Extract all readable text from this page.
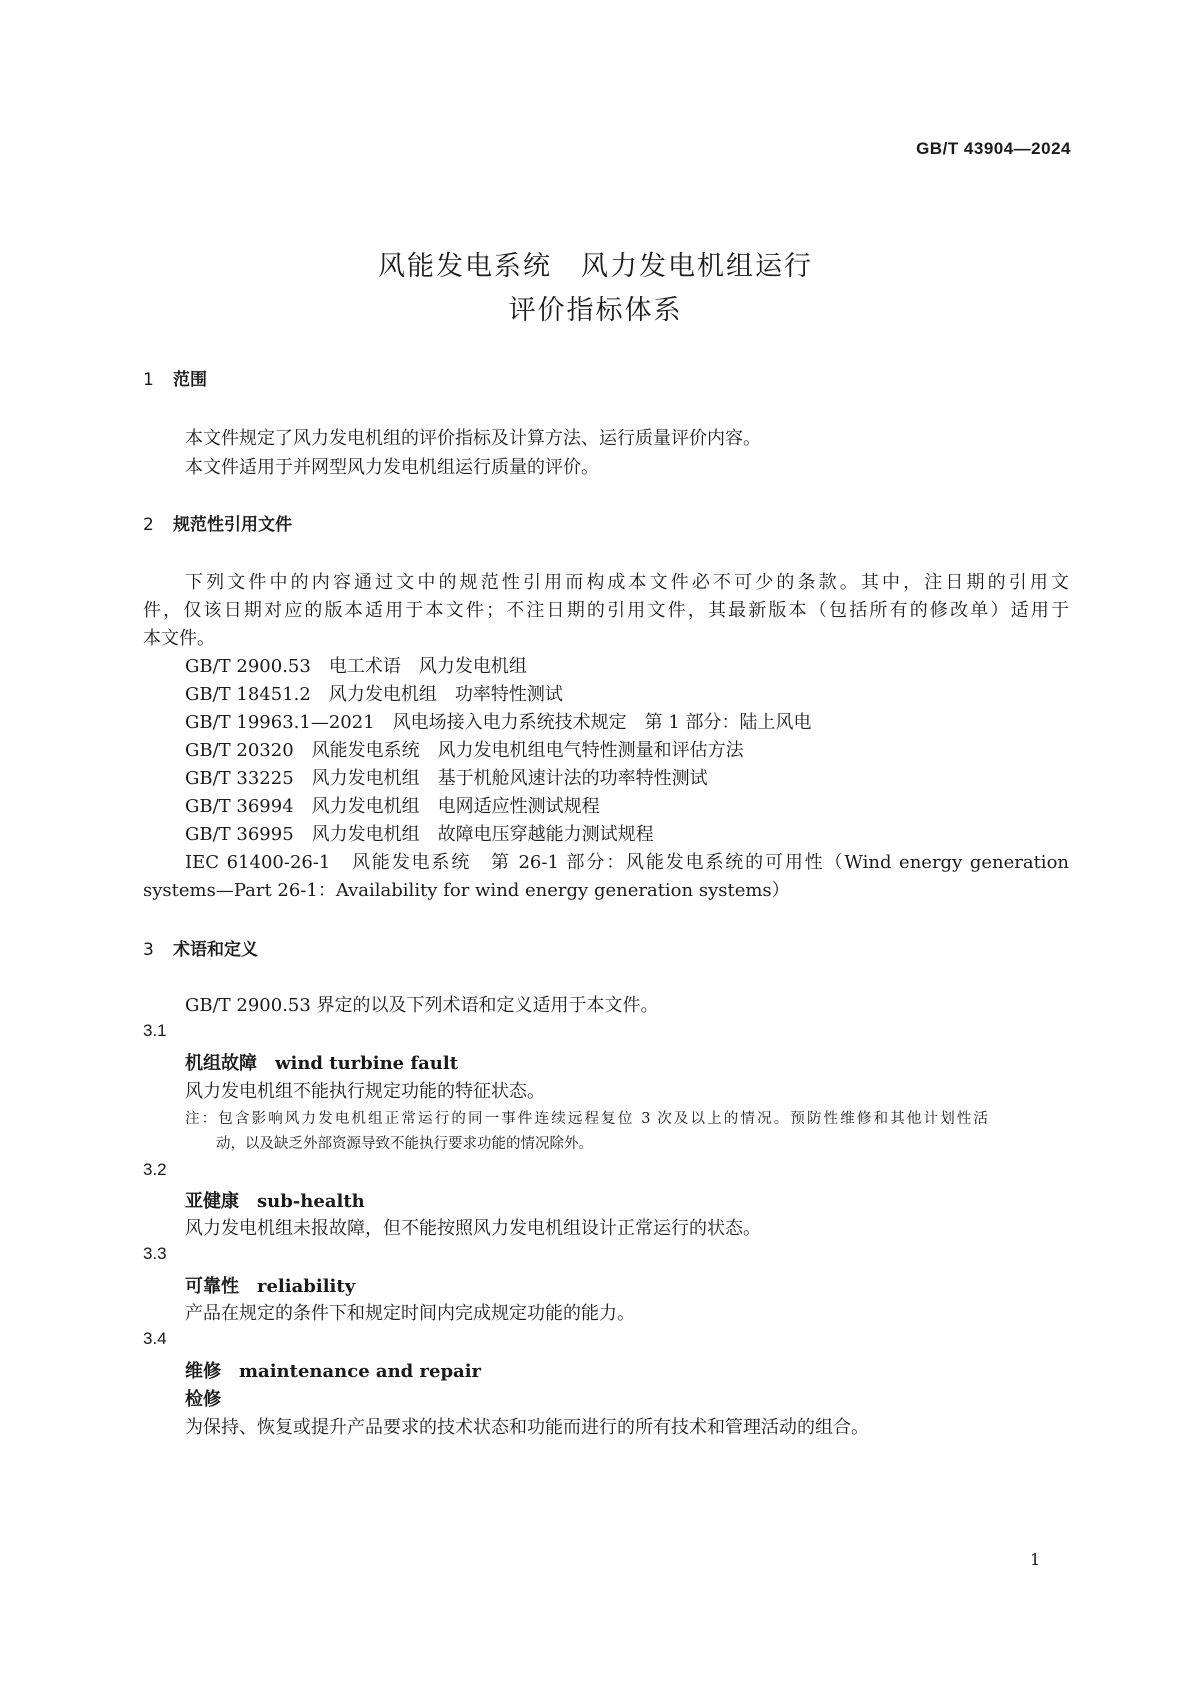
GB/T 43904—2024
风能发电系统　风力发电机组运行
评价指标体系
1 范围
本文件规定了风力发电机组的评价指标及计算方法、运行质量评价内容。
本文件适用于并网型风力发电机组运行质量的评价。
2 规范性引用文件
下列文件中的内容通过文中的规范性引用而构成本文件必不可少的条款。其中，注日期的引用文
件，仅该日期对应的版本适用于本文件；不注日期的引用文件，其最新版本（包括所有的修改单）适用于
本文件。
GB/T 2900.53　电工术语　风力发电机组
GB/T 18451.2　风力发电机组　功率特性测试
GB/T 19963.1—2021　风电场接入电力系统技术规定　第 1 部分：陆上风电
GB/T 20320　风能发电系统　风力发电机组电气特性测量和评估方法
GB/T 33225　风力发电机组　基于机舱风速计法的功率特性测试
GB/T 36994　风力发电机组　电网适应性测试规程
GB/T 36995　风力发电机组　故障电压穿越能力测试规程
IEC 61400-26-1　风能发电系统　第 26-1 部分：风能发电系统的可用性（Wind energy generation
systems—Part 26-1：Availability for wind energy generation systems）
3 术语和定义
GB/T 2900.53 界定的以及下列术语和定义适用于本文件。
3.1
机组故障　wind turbine fault
风力发电机组不能执行规定功能的特征状态。
注：包含影响风力发电机组正常运行的同一事件连续远程复位 3 次及以上的情况。预防性维修和其他计划性活
动，以及缺乏外部资源导致不能执行要求功能的情况除外。
3.2
亚健康　sub-health
风力发电机组未报故障，但不能按照风力发电机组设计正常运行的状态。
3.3
可靠性　reliability
产品在规定的条件下和规定时间内完成规定功能的能力。
3.4
维修　maintenance and repair
检修
为保持、恢复或提升产品要求的技术状态和功能而进行的所有技术和管理活动的组合。
1
